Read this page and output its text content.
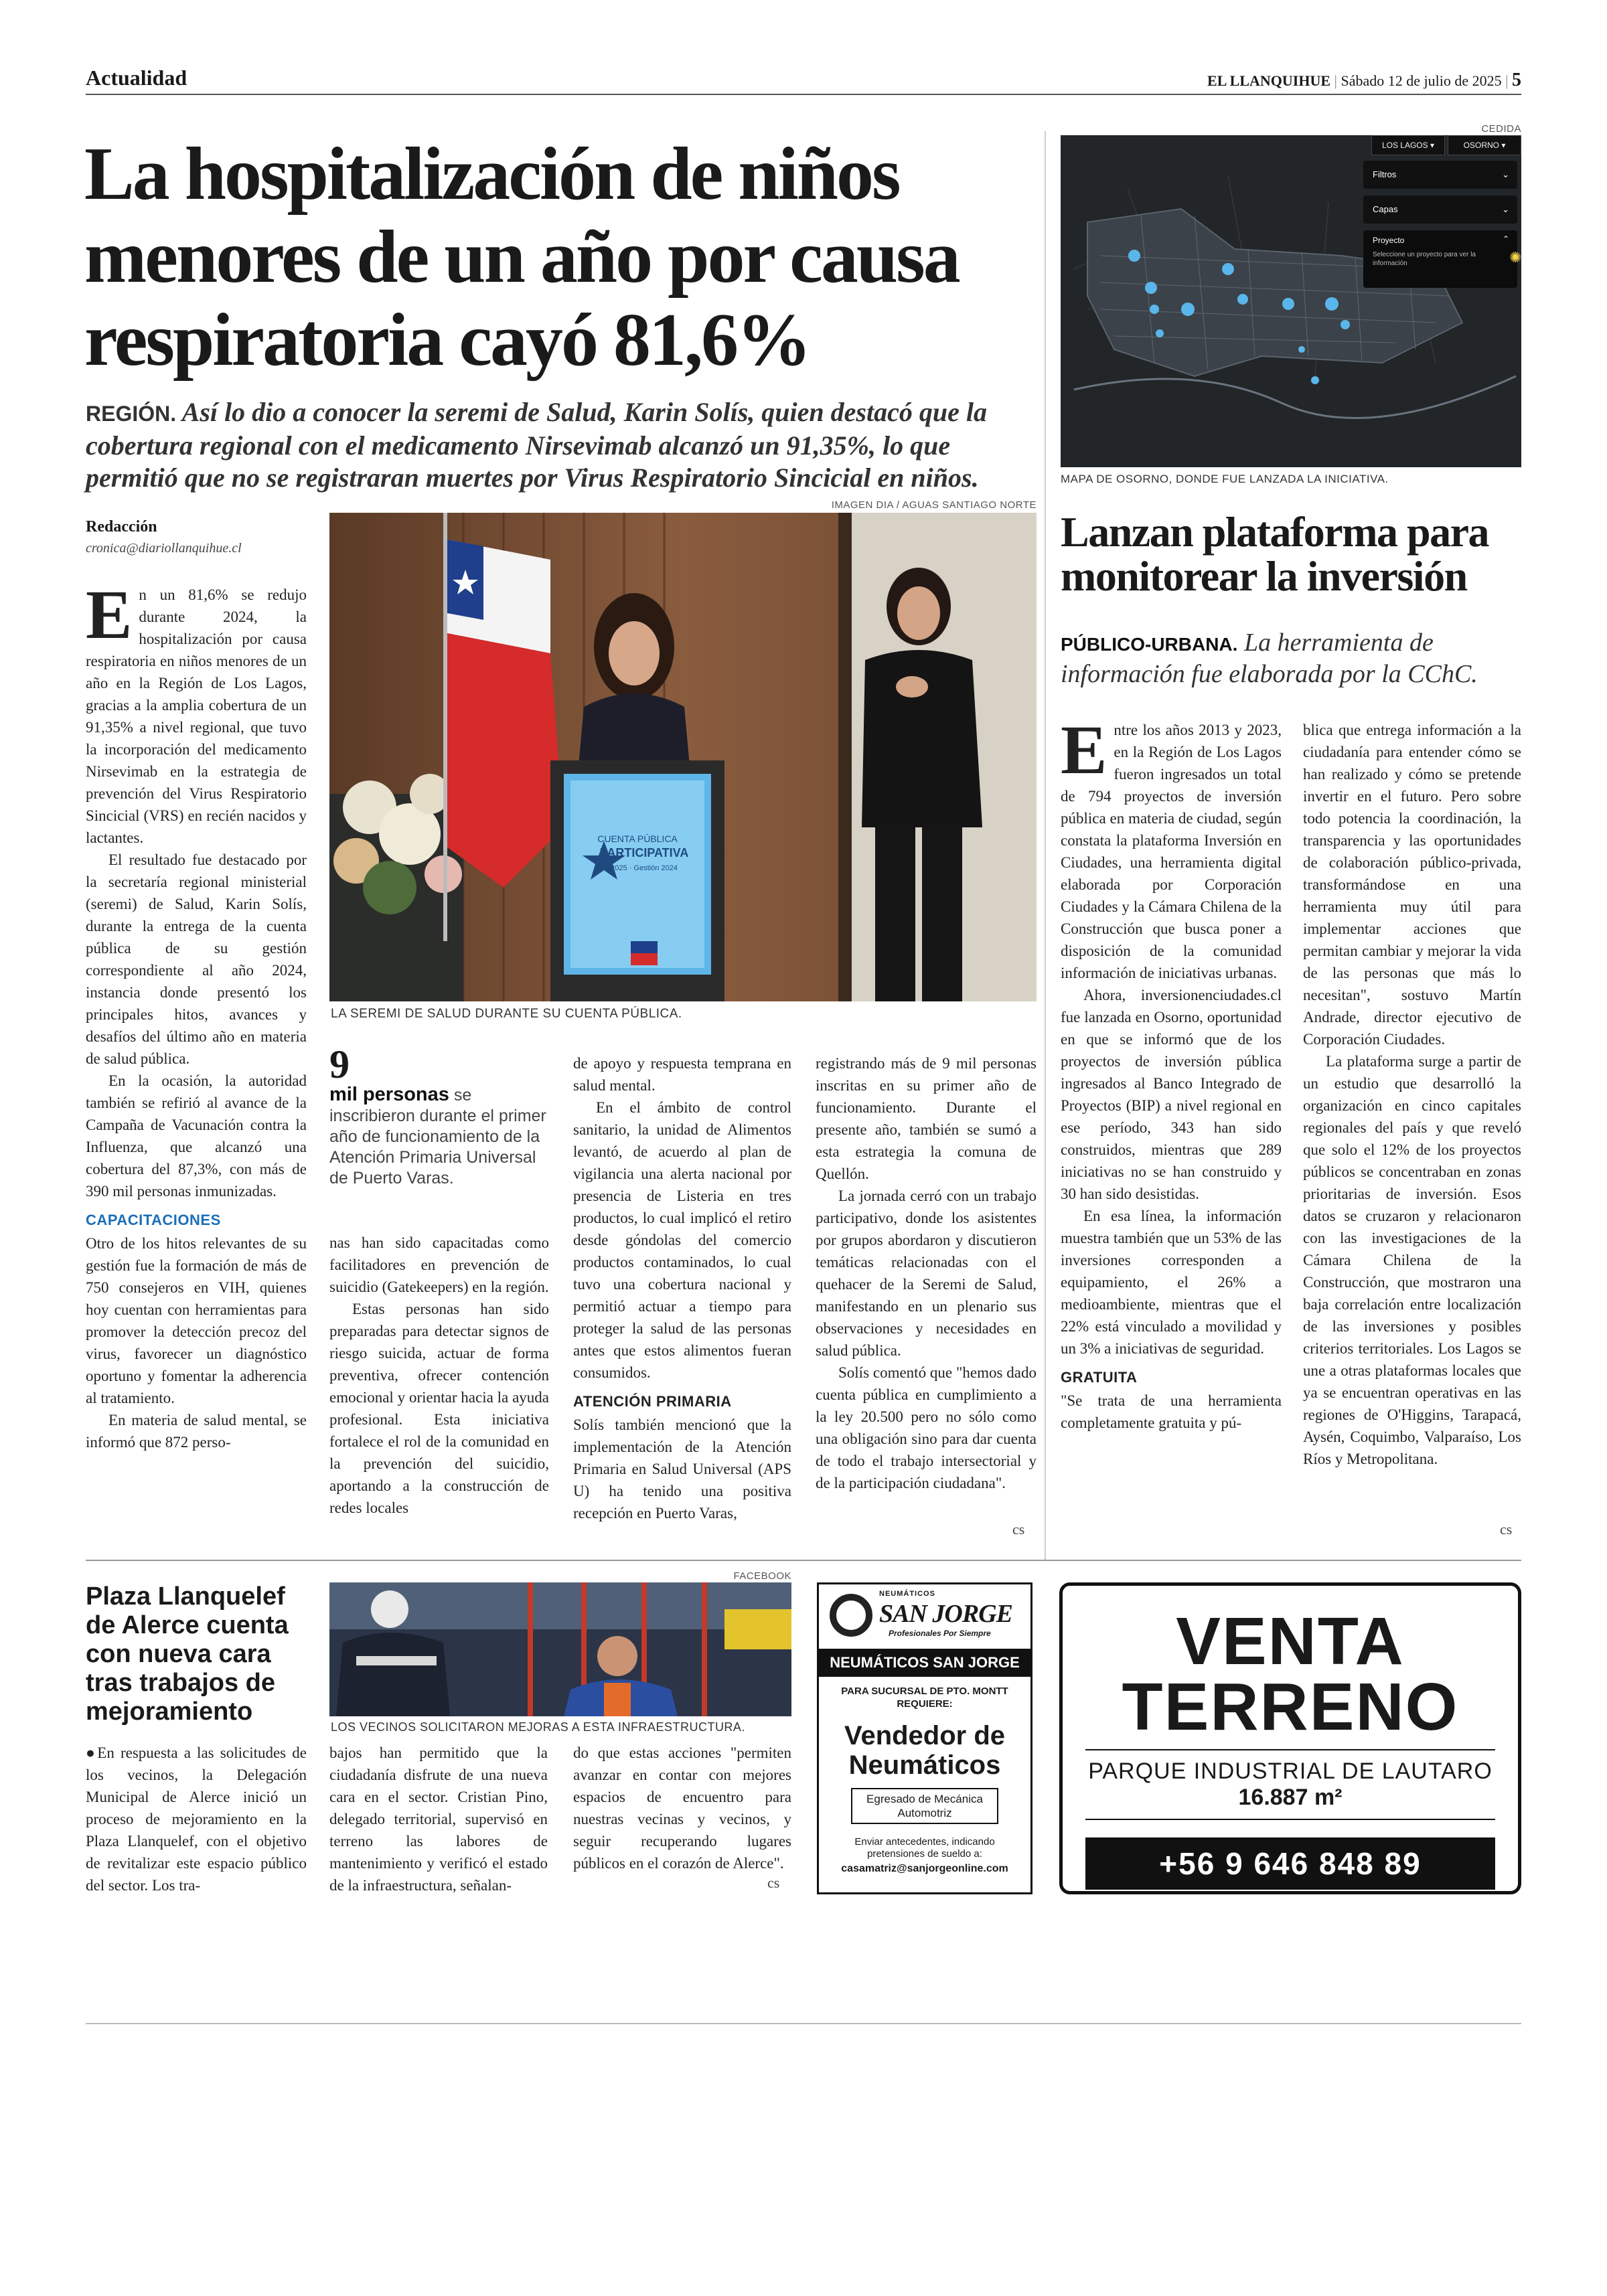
Actualidad	EL LLANQUIHUE | Sábado 12 de julio de 2025 | 5
La hospitalización de niños menores de un año por causa respiratoria cayó 81,6%
REGIÓN. Así lo dio a conocer la seremi de Salud, Karin Solís, quien destacó que la cobertura regional con el medicamento Nirsevimab alcanzó un 91,35%, lo que permitió que no se registraran muertes por Virus Respiratorio Sincicial en niños.
Redacción
cronica@diariollanquihue.cl
IMAGEN DIA / AGUAS SANTIAGO NORTE
CUENTA PÚBLICA
PARTICIPATIVA
2025 · Gestión 2024
LA SEREMI DE SALUD DURANTE SU CUENTA PÚBLICA.
E n un 81,6% se redujo durante 2024, la hospitalización por causa respiratoria en niños menores de un año en la Región de Los Lagos, gracias a la amplia cobertura de un 91,35% a nivel regional, que tuvo la incorporación del medicamento Nirsevimab en la estrategia de prevención del Virus Respiratorio Sincicial (VRS) en recién nacidos y lactantes.

El resultado fue destacado por la secretaría regional ministerial (seremi) de Salud, Karin Solís, durante la entrega de la cuenta pública de su gestión correspondiente al año 2024, instancia donde presentó los principales hitos, avances y desafíos del último año en materia de salud pública.

En la ocasión, la autoridad también se refirió al avance de la Campaña de Vacunación contra la Influenza, que alcanzó una cobertura del 87,3%, con más de 390 mil personas inmunizadas.

CAPACITACIONES

Otro de los hitos relevantes de su gestión fue la formación de más de 750 consejeros en VIH, quienes hoy cuentan con herramientas para promover la detección precoz del virus, favorecer un diagnóstico oportuno y fomentar la adherencia al tratamiento.

En materia de salud mental, se informó que 872 perso-

9
mil personas se inscribieron durante el primer año de funcionamiento de la Atención Primaria Universal de Puerto Varas.

nas han sido capacitadas como facilitadores en prevención de suicidio (Gatekeepers) en la región.

Estas personas han sido preparadas para detectar signos de riesgo suicida, actuar de forma preventiva, ofrecer contención emocional y orientar hacia la ayuda profesional. Esta iniciativa fortalece el rol de la comunidad en la prevención del suicidio, aportando a la construcción de redes locales

de apoyo y respuesta temprana en salud mental.

En el ámbito de control sanitario, la unidad de Alimentos levantó, de acuerdo al plan de vigilancia una alerta nacional por presencia de Listeria en tres productos, lo cual implicó el retiro desde góndolas del comercio productos contaminados, lo cual tuvo una cobertura nacional y permitió actuar a tiempo para proteger la salud de las personas antes que estos alimentos fueran consumidos.

ATENCIÓN PRIMARIA

Solís también mencionó que la implementación de la Atención Primaria en Salud Universal (APS U) ha tenido una positiva recepción en Puerto Varas,

registrando más de 9 mil personas inscritas en su primer año de funcionamiento. Durante el presente año, también se sumó a esta estrategia la comuna de Quellón.

La jornada cerró con un trabajo participativo, donde los asistentes por grupos abordaron y discutieron temáticas relacionadas con el quehacer de la Seremi de Salud, manifestando en un plenario sus observaciones y necesidades en salud pública.

Solís comentó que "hemos dado cuenta pública en cumplimiento a la ley 20.500 pero no sólo como una obligación sino para dar cuenta de todo el trabajo intersectorial y de la participación ciudadana".

CEDIDA
LOS LAGOS ▾	OSORNO ▾
Filtros	⌄
Capas	⌄
Proyecto	⌃
Seleccione un proyecto para ver la información	✺
MAPA DE OSORNO, DONDE FUE LANZADA LA INICIATIVA.
Lanzan plataforma para monitorear la inversión
PÚBLICO-URBANA. La herramienta de información fue elaborada por la CChC.
E ntre los años 2013 y 2023, en la Región de Los Lagos fueron ingresados un total de 794 proyectos de inversión pública en materia de ciudad, según constata la plataforma Inversión en Ciudades, una herramienta digital elaborada por Corporación Ciudades y la Cámara Chilena de la Construcción que busca poner a disposición de la comunidad información de iniciativas urbanas.

Ahora, inversionenciudades.cl fue lanzada en Osorno, oportunidad en que se informó que de los proyectos de inversión pública ingresados al Banco Integrado de Proyectos (BIP) a nivel regional en ese período, 343 han sido construidos, mientras que 289 iniciativas no se han construido y 30 han sido desistidas.

En esa línea, la información muestra también que un 53% de las inversiones corresponden a equipamiento, el 26% a medioambiente, mientras que el 22% está vinculado a movilidad y un 3% a iniciativas de seguridad.

GRATUITA

"Se trata de una herramienta completamente gratuita y pú-

blica que entrega información a la ciudadanía para entender cómo se han realizado y cómo se pretende invertir en el futuro. Pero sobre todo potencia la coordinación, la transparencia y las oportunidades de colaboración público-privada, transformándose en una herramienta muy útil para implementar acciones que permitan cambiar y mejorar la vida de las personas que más lo necesitan", sostuvo Martín Andrade, director ejecutivo de Corporación Ciudades.

La plataforma surge a partir de un estudio que desarrolló la organización en cinco capitales regionales del país y que reveló que solo el 12% de los proyectos públicos se concentraban en zonas prioritarias de inversión. Esos datos se cruzaron y relacionaron con las investigaciones de la Cámara Chilena de la Construcción, que mostraron una baja correlación entre localización de las inversiones y posibles criterios territoriales. Los Lagos se une a otras plataformas locales que ya se encuentran operativas en las regiones de O'Higgins, Tarapacá, Aysén, Coquimbo, Valparaíso, Los Ríos y Metropolitana.

Plaza Llanquelef de Alerce cuenta con nueva cara tras trabajos de mejoramiento
FACEBOOK
LOS VECINOS SOLICITARON MEJORAS A ESTA INFRAESTRUCTURA.

●En respuesta a las solicitudes de los vecinos, la Delegación Municipal de Alerce inició un proceso de mejoramiento en la Plaza Llanquelef, con el objetivo de revitalizar este espacio público del sector. Los tra-

bajos han permitido que la ciudadanía disfrute de una nueva cara en el sector. Cristian Pino, delegado territorial, supervisó en terreno las labores de mantenimiento y verificó el estado de la infraestructura, señalan-

do que estas acciones "permiten avanzar en contar con mejores espacios de encuentro para nuestras vecinas y vecinos, y seguir recuperando lugares públicos en el corazón de Alerce".

cs
cs	cs
NEUMÁTICOS
SAN JORGE
Profesionales Por Siempre
NEUMÁTICOS SAN JORGE
PARA SUCURSAL DE PTO. MONTT REQUIERE:
Vendedor de Neumáticos
Egresado de Mecánica Automotriz
Enviar antecedentes, indicando pretensiones de sueldo a:
casamatriz@sanjorgeonline.com
VENTA
TERRENO
PARQUE INDUSTRIAL DE LAUTARO
16.887 m²
+56 9 646 848 89
